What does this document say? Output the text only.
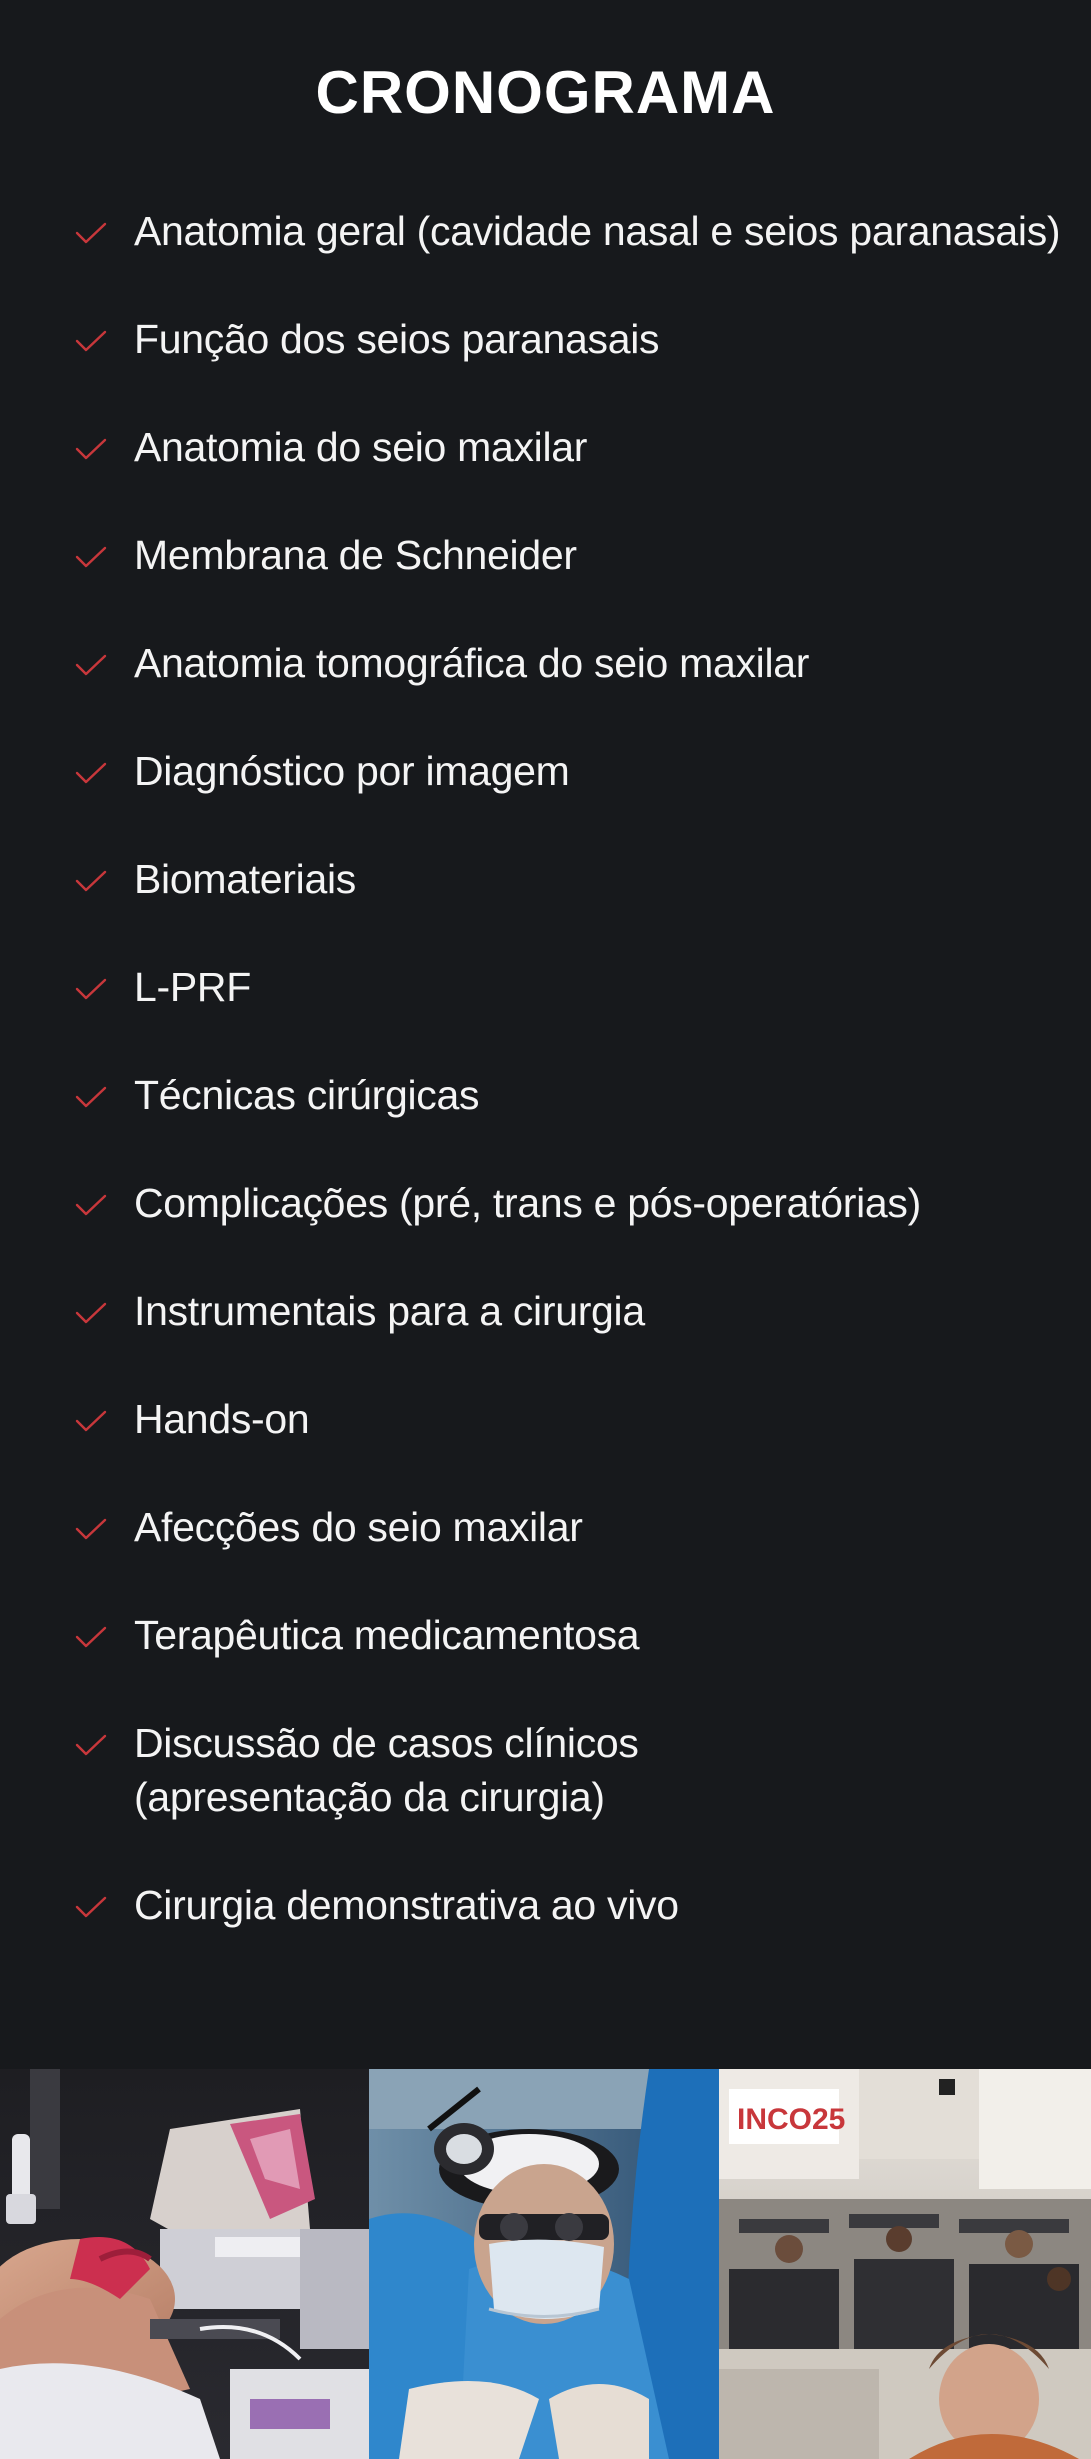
CRONOGRAMA
Anatomia geral (cavidade nasal e seios paranasais)
Função dos seios paranasais
Anatomia do seio maxilar
Membrana de Schneider
Anatomia tomográfica do seio maxilar
Diagnóstico por imagem
Biomateriais
L-PRF
Técnicas cirúrgicas
Complicações (pré, trans e pós-operatórias)
Instrumentais para a cirurgia
Hands-on
Afecções do seio maxilar
Terapêutica medicamentosa
Discussão de casos clínicos
(apresentação da cirurgia)
Cirurgia demonstrativa ao vivo
INCO25
